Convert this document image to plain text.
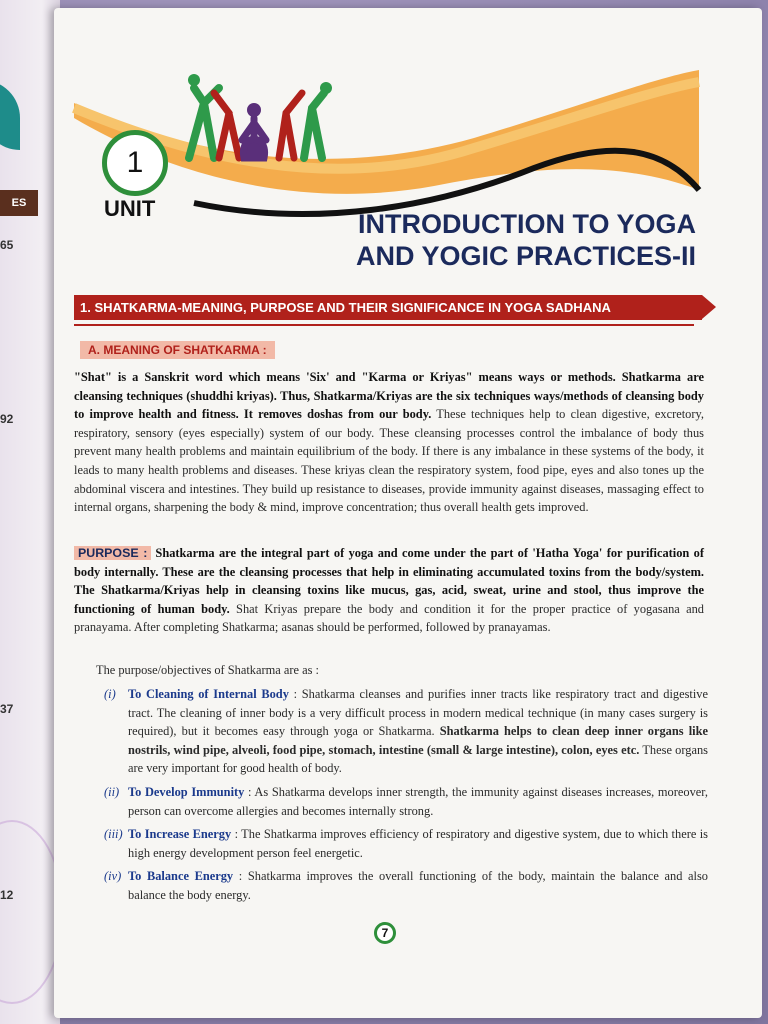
ES
65
92
37
12
1
UNIT
INTRODUCTION TO YOGA
AND YOGIC PRACTICES-II
1. SHATKARMA-MEANING, PURPOSE AND THEIR SIGNIFICANCE IN YOGA SADHANA
A. MEANING OF SHATKARMA :
"Shat" is a Sanskrit word which means 'Six' and "Karma or Kriyas" means ways or methods. Shatkarma are cleansing techniques (shuddhi kriyas). Thus, Shatkarma/Kriyas are the six techniques ways/methods of cleansing body to improve health and fitness. It removes doshas from our body. These techniques help to clean digestive, excretory, respiratory, sensory (eyes especially) system of our body. These cleansing processes control the imbalance of body thus prevent many health problems and maintain equilibrium of the body. If there is any imbalance in these systems of the body, it leads to many health problems and diseases. These kriyas clean the respiratory system, food pipe, eyes and also tones up the abdominal viscera and intestines. They build up resistance to diseases, provide immunity against diseases, massaging effect to internal organs, sharpening the body & mind, improve concentration; thus overall health gets improved.
PURPOSE : Shatkarma are the integral part of yoga and come under the part of 'Hatha Yoga' for purification of body internally. These are the cleansing processes that help in eliminating accumulated toxins from the body/system. The Shatkarma/Kriyas help in cleansing toxins like mucus, gas, acid, sweat, urine and stool, thus improve the functioning of human body. Shat Kriyas prepare the body and condition it for the proper practice of yogasana and pranayama. After completing Shatkarma; asanas should be performed, followed by pranayamas.
The purpose/objectives of Shatkarma are as :
(i) To Cleaning of Internal Body : Shatkarma cleanses and purifies inner tracts like respiratory tract and digestive tract. The cleaning of inner body is a very difficult process in modern medical technique (in many cases surgery is required), but it becomes easy through yoga or Shatkarma. Shatkarma helps to clean deep inner organs like nostrils, wind pipe, alveoli, food pipe, stomach, intestine (small & large intestine), colon, eyes etc. These organs are very important for good health of body.
(ii) To Develop Immunity : As Shatkarma develops inner strength, the immunity against diseases increases, moreover, person can overcome allergies and becomes internally strong.
(iii) To Increase Energy : The Shatkarma improves efficiency of respiratory and digestive system, due to which there is high energy development person feel energetic.
(iv) To Balance Energy : Shatkarma improves the overall functioning of the body, maintain the balance and also balance the body energy.
7
